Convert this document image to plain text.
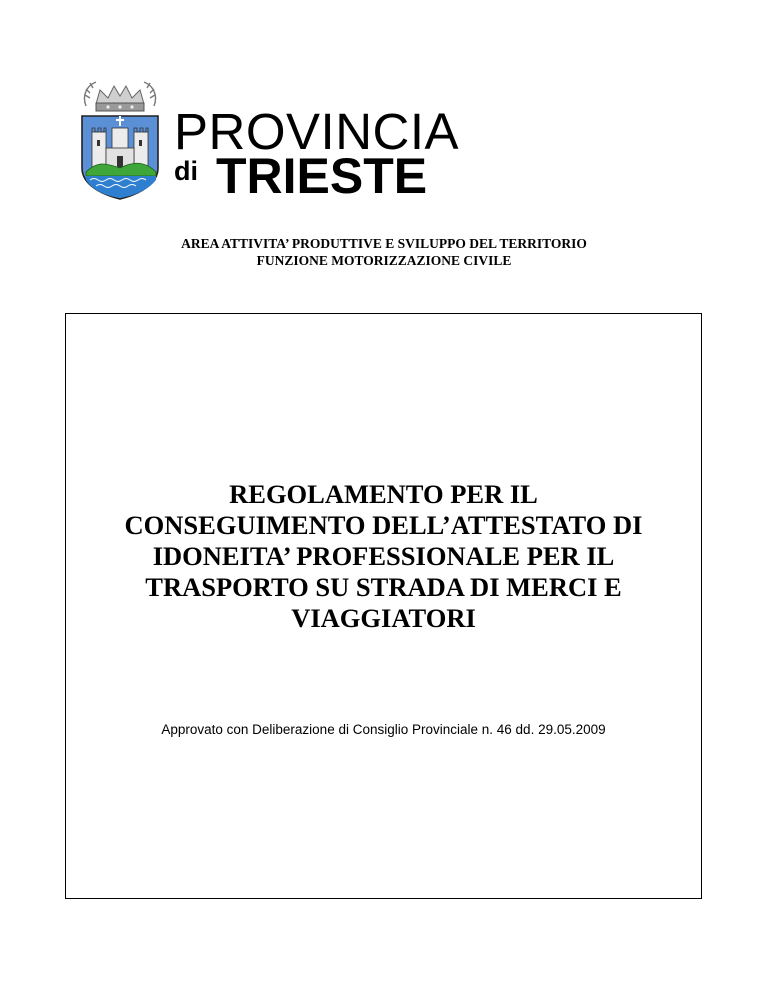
PROVINCIA
di TRIESTE
AREA ATTIVITA’ PRODUTTIVE E SVILUPPO DEL TERRITORIO
FUNZIONE MOTORIZZAZIONE CIVILE
REGOLAMENTO PER IL
CONSEGUIMENTO DELL’ATTESTATO DI
IDONEITA’ PROFESSIONALE PER IL
TRASPORTO SU STRADA DI MERCI E
VIAGGIATORI
Approvato con Deliberazione di Consiglio Provinciale n. 46 dd. 29.05.2009
